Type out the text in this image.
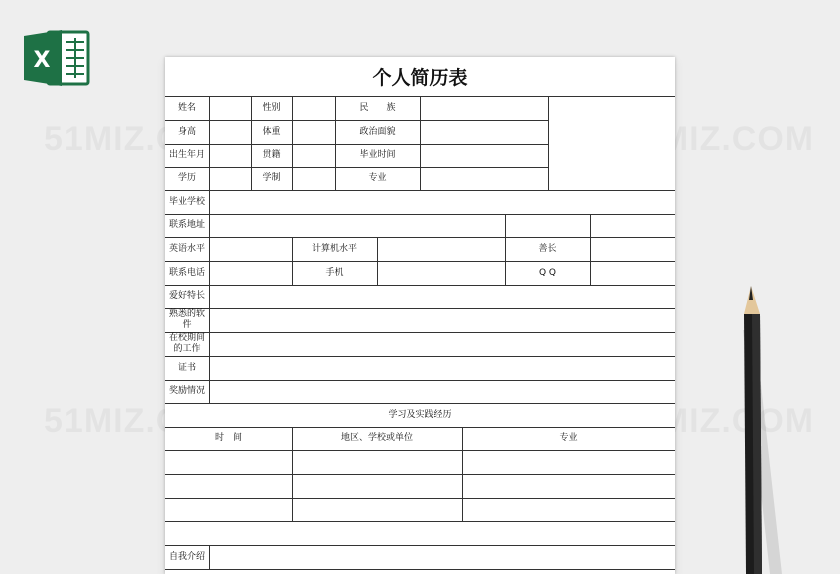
X
个人简历表
姓名	性别	民　　族
身高	体重	政治面貌
出生年月	贯籍	毕业时间
学历	学制	专业
毕业学校
联系地址
英语水平	计算机水平	善长
联系电话	手机	Q Q
爱好特长
熟悉的软件
在校期间的工作
证书
奖励情况
学习及实践经历
时　间	地区、学校或单位	专业
自我介绍
